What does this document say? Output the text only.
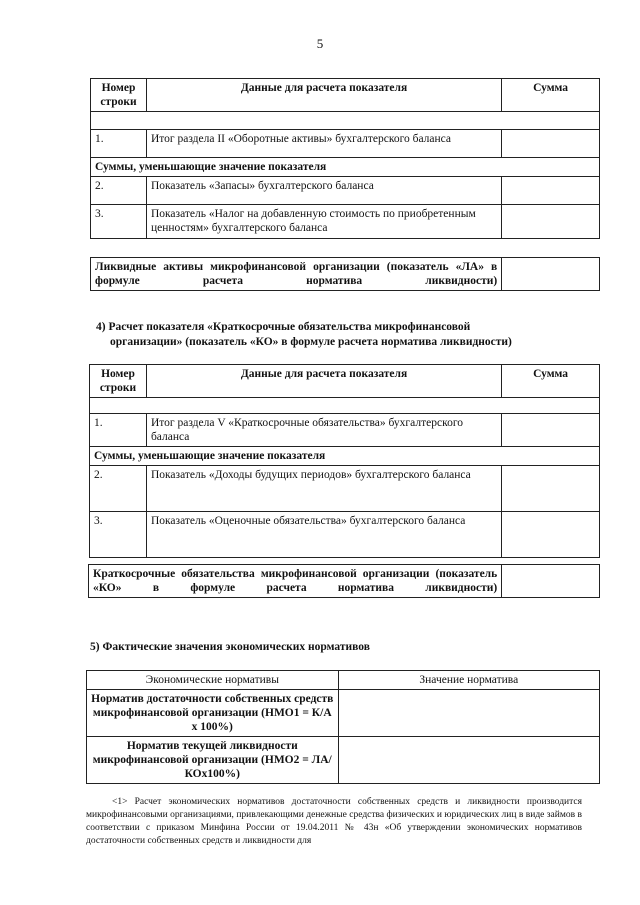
5
Номер строки	Данные для расчета показателя	Сумма

1.	Итог раздела II «Оборотные активы» бухгалтерского баланса	
Суммы, уменьшающие значение показателя		
2.	Показатель «Запасы» бухгалтерского баланса	
3.	Показатель «Налог на добавленную стоимость по приобретенным ценностям» бухгалтерского баланса	
Ликвидные активы микрофинансовой организации (показатель «ЛА» в формуле расчета норматива ликвидности)	
4) Расчет показателя «Краткосрочные обязательства микрофинансовой
организации» (показатель «КО» в формуле расчета норматива ликвидности)
Номер строки	Данные для расчета показателя	Сумма

1.	Итог раздела V «Краткосрочные обязательства» бухгалтерского баланса	
Суммы, уменьшающие значение показателя		
2.	Показатель «Доходы будущих периодов» бухгалтерского баланса	
3.	Показатель «Оценочные обязательства» бухгалтерского баланса	
Краткосрочные обязательства микрофинансовой организации (показатель «КО» в формуле расчета норматива ликвидности)	
5) Фактические значения экономических нормативов
Экономические нормативы	Значение норматива
Норматив достаточности собственных средств микрофинансовой организации (НМО1 = К/А х 100%)	
Норматив текущей ликвидности микрофинансовой организации (НМО2 = ЛА/КОх100%)	
<1> Расчет экономических нормативов достаточности собственных средств и ликвидности производится микрофинансовыми организациями, привлекающими денежные средства физических и юридических лиц в виде займов в соответствии с приказом Минфина России от 19.04.2011 № 43н «Об утверждении экономических нормативов достаточности собственных средств и ликвидности для
